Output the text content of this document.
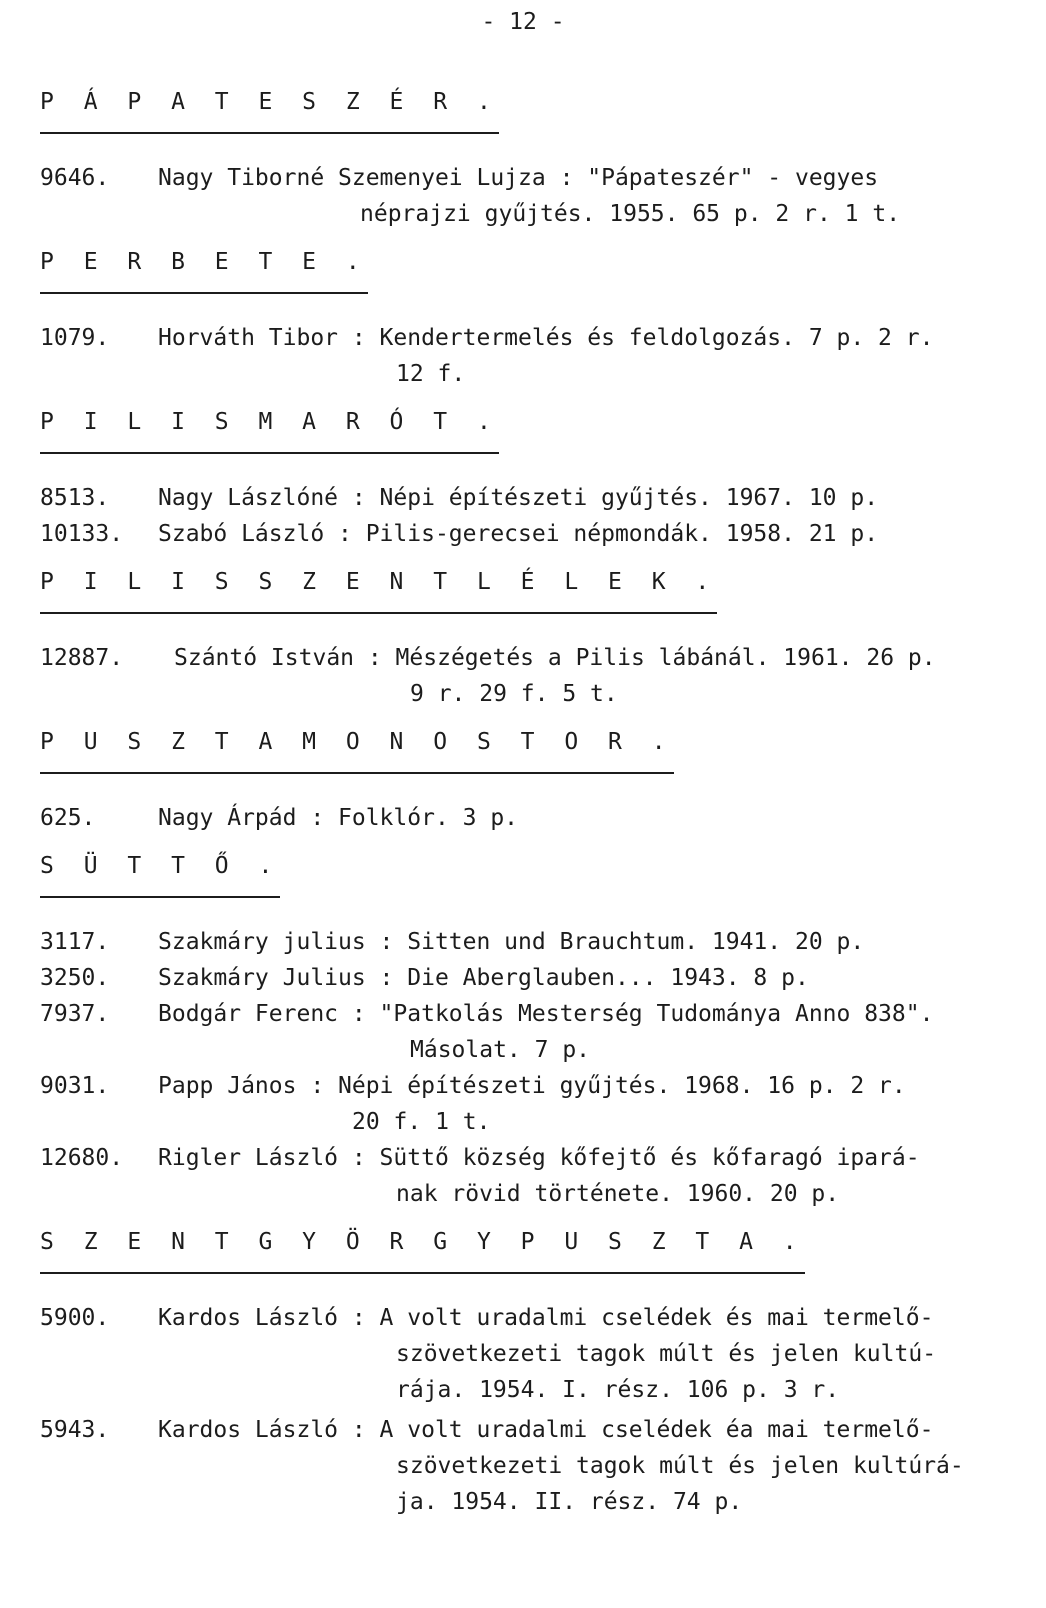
- 12 -
P Á P A T E S Z É R .
9646.	Nagy Tiborné Szemenyei Lujza : "Pápateszér" - vegyes
néprajzi gyűjtés. 1955. 65 p. 2 r. 1 t.
P E R B E T E .
1079.	Horváth Tibor : Kendertermelés és feldolgozás. 7 p. 2 r.
12 f.
P I L I S M A R Ó T .
8513.	Nagy Lászlóné : Népi építészeti gyűjtés. 1967. 10 p.
10133.	Szabó László : Pilis-gerecsei népmondák. 1958. 21 p.
P I L I S S Z E N T L É L E K .
12887.	Szántó István : Mészégetés a Pilis lábánál. 1961. 26 p.
9 r. 29 f. 5 t.
P U S Z T A M O N O S T O R .
625.	Nagy Árpád : Folklór. 3 p.
S Ü T T Ő .
3117.	Szakmáry julius : Sitten und Brauchtum. 1941. 20 p.
3250.	Szakmáry Julius : Die Aberglauben... 1943. 8 p.
7937.	Bodgár Ferenc : "Patkolás Mesterség Tudománya Anno 838".
Másolat. 7 p.
9031.	Papp János : Népi építészeti gyűjtés. 1968. 16 p. 2 r.
20 f. 1 t.
12680.	Rigler László : Süttő község kőfejtő és kőfaragó ipará-
nak rövid története. 1960. 20 p.
S Z E N T G Y Ö R G Y P U S Z T A .
5900.	Kardos László : A volt uradalmi cselédek és mai termelő-
szövetkezeti tagok múlt és jelen kultú-
rája. 1954. I. rész. 106 p. 3 r.
5943.	Kardos László : A volt uradalmi cselédek éa mai termelő-
szövetkezeti tagok múlt és jelen kultúrá-
ja. 1954. II. rész. 74 p.
